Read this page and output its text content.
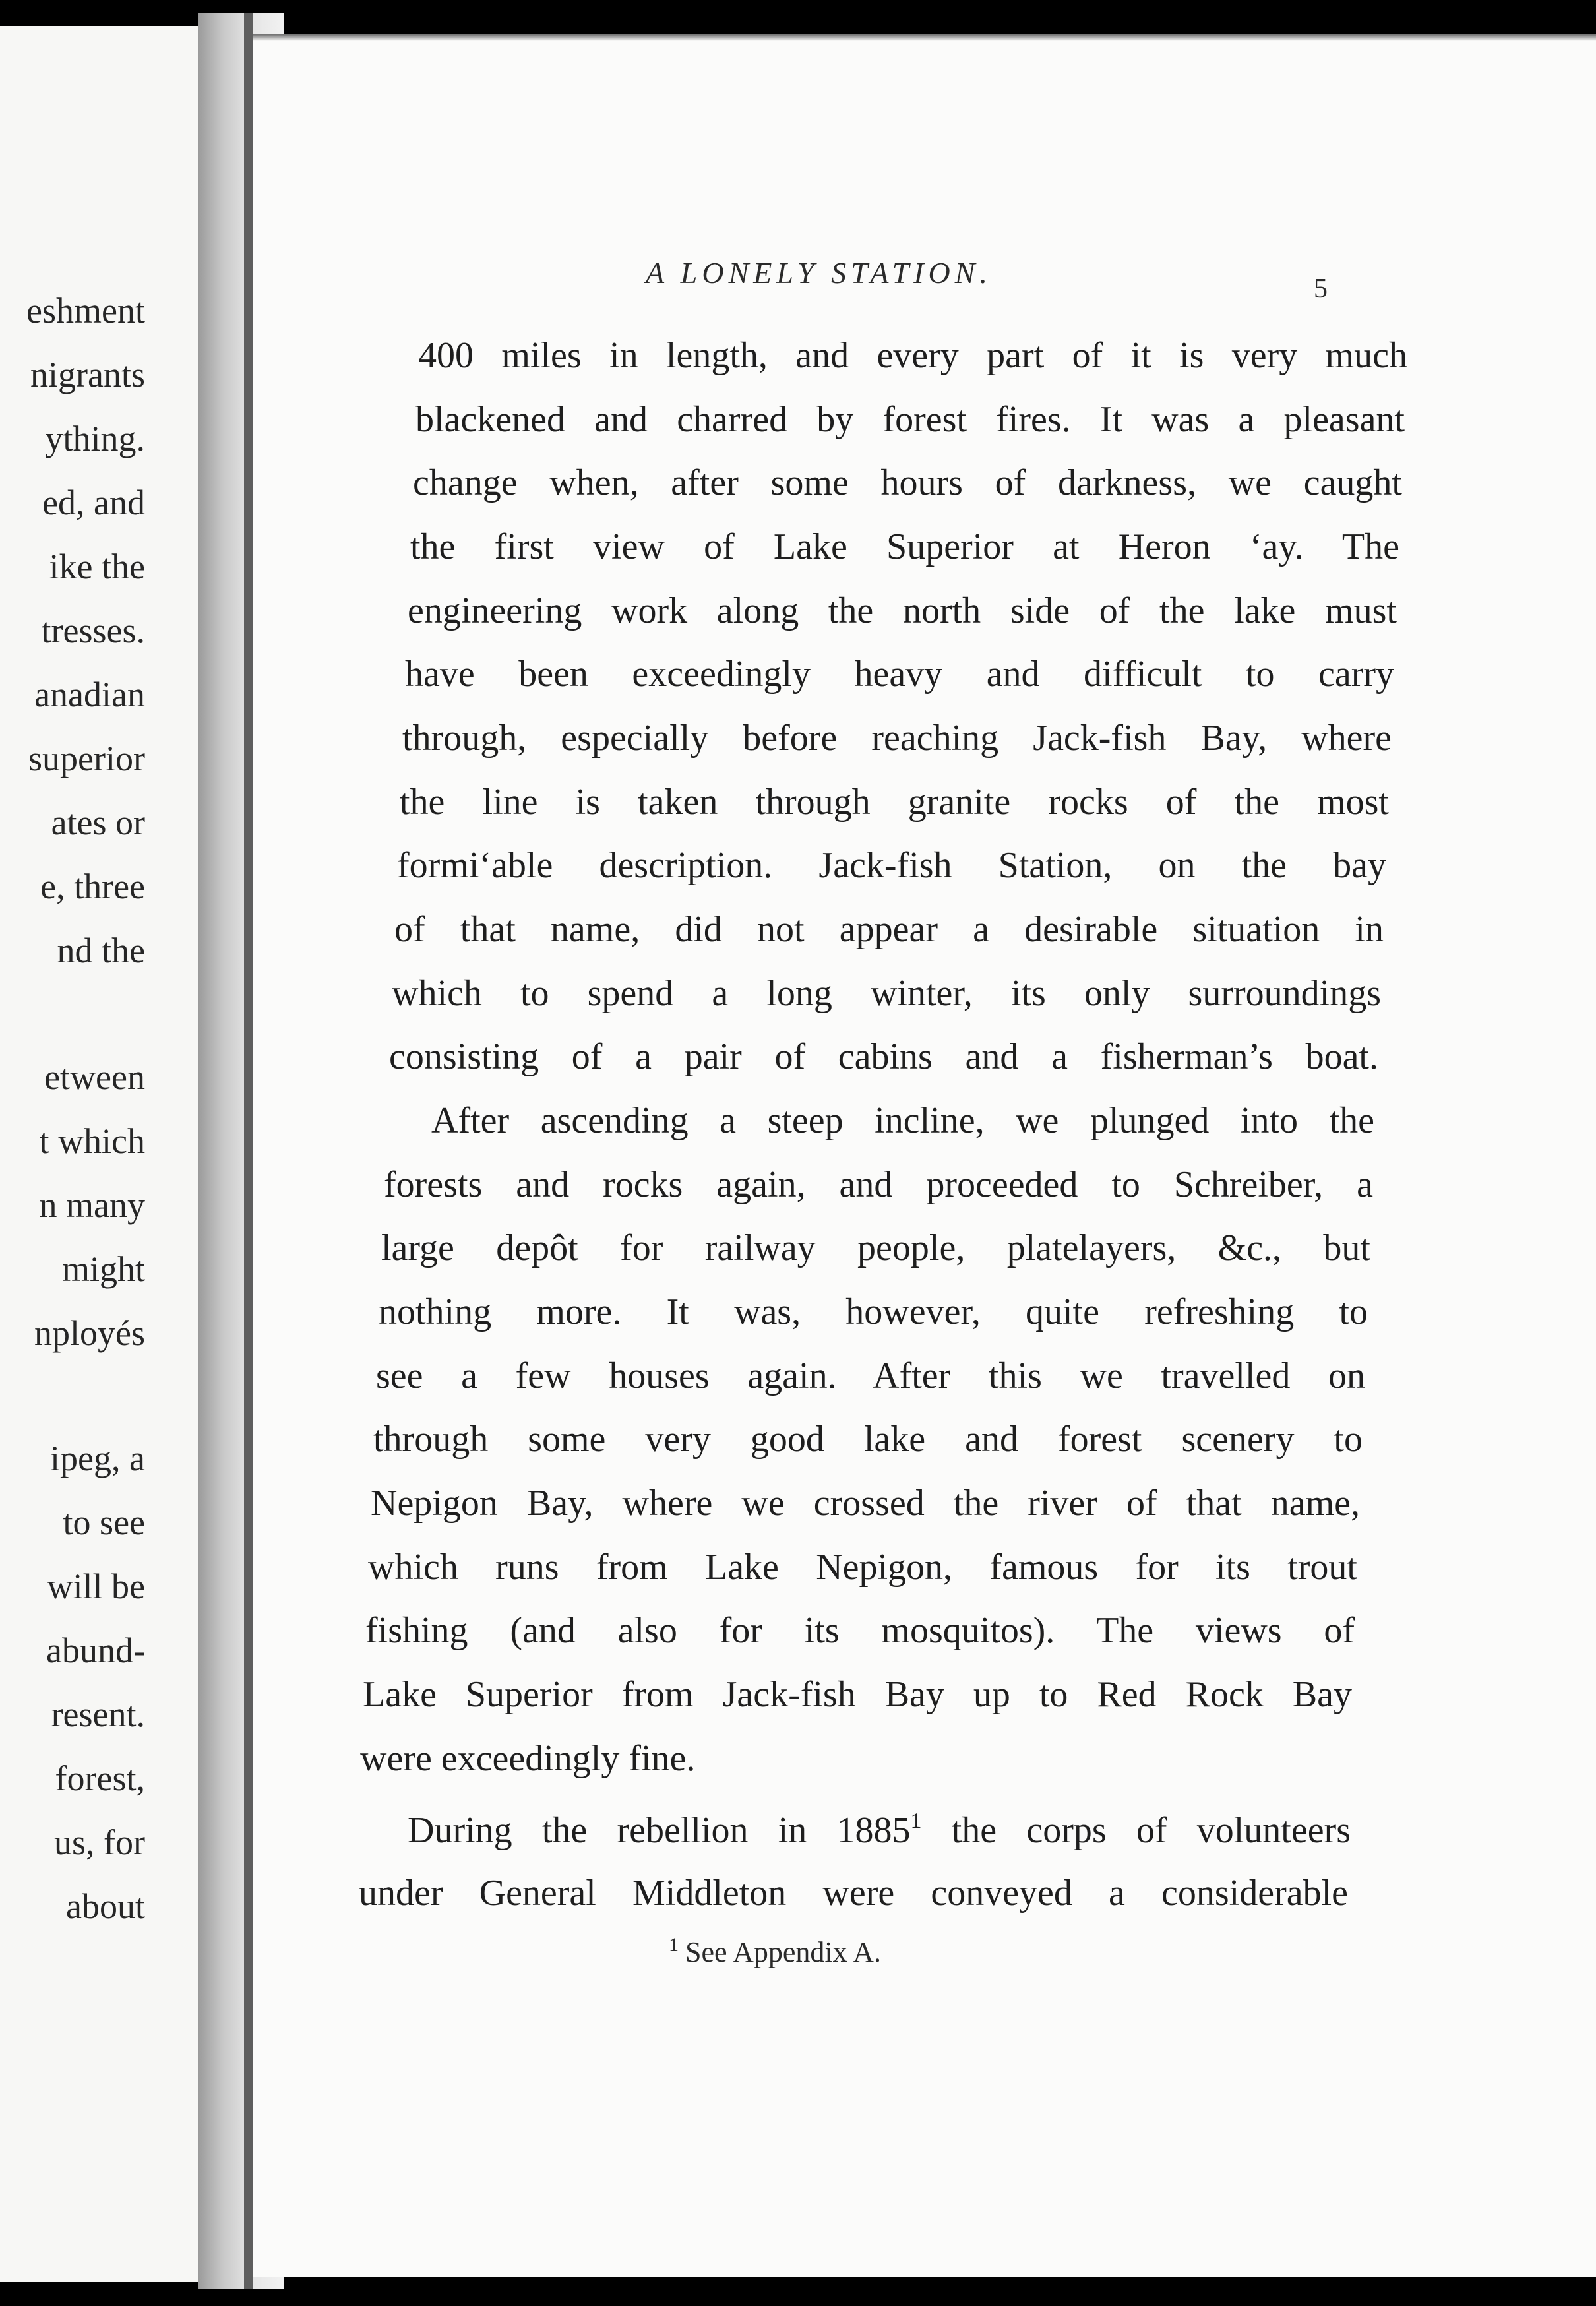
eshment
nigrants
ything.
ed, and
ike the
tresses.
anadian
superior
ates or
e, three
nd the
etween
t which
n many
might
nployés
ipeg, a
to see
will be
abund-
resent.
forest,
us, for
about
A LONELY STATION.	5
400 miles in length, and every part of it is very much
blackened and charred by forest fires. It was a pleasant
change when, after some hours of darkness, we caught
the first view of Lake Superior at Heron ‘ay. The
engineering work along the north side of the lake must
have been exceedingly heavy and difficult to carry
through, especially before reaching Jack-fish Bay, where
the line is taken through granite rocks of the most
formi‘able description. Jack-fish Station, on the bay
of that name, did not appear a desirable situation in
which to spend a long winter, its only surroundings
consisting of a pair of cabins and a fisherman’s boat.
After ascending a steep incline, we plunged into the
forests and rocks again, and proceeded to Schreiber, a
large depôt for railway people, platelayers, &c., but
nothing more. It was, however, quite refreshing to
see a few houses again. After this we travelled on
through some very good lake and forest scenery to
Nepigon Bay, where we crossed the river of that name,
which runs from Lake Nepigon, famous for its trout
fishing (and also for its mosquitos). The views of
Lake Superior from Jack-fish Bay up to Red Rock Bay
were exceedingly fine.
During the rebellion in 1885$^1$ the corps of volunteers
under General Middleton were conveyed a considerable
$^1$ See Appendix A.
